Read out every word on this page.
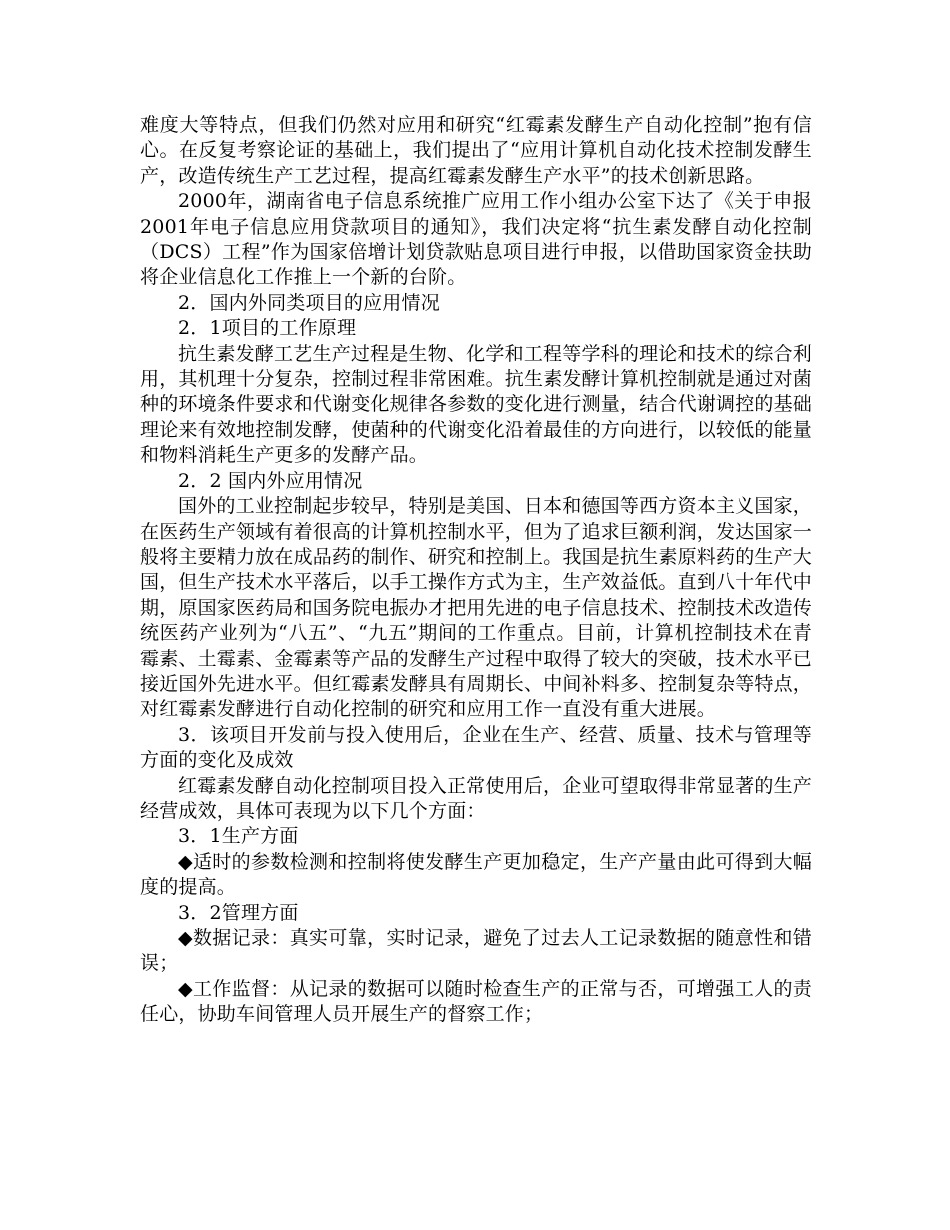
难度大等特点，但我们仍然对应用和研究“红霉素发酵生产自动化控制”抱有信心。在反复考察论证的基础上，我们提出了“应用计算机自动化技术控制发酵生产，改造传统生产工艺过程，提高红霉素发酵生产水平”的技术创新思路。

2000年，湖南省电子信息系统推广应用工作小组办公室下达了《关于申报2001年电子信息应用贷款项目的通知》，我们决定将“抗生素发酵自动化控制（DCS）工程”作为国家倍增计划贷款贴息项目进行申报，以借助国家资金扶助将企业信息化工作推上一个新的台阶。

2．国内外同类项目的应用情况

2．1项目的工作原理

抗生素发酵工艺生产过程是生物、化学和工程等学科的理论和技术的综合利用，其机理十分复杂，控制过程非常困难。抗生素发酵计算机控制就是通过对菌种的环境条件要求和代谢变化规律各参数的变化进行测量，结合代谢调控的基础理论来有效地控制发酵，使菌种的代谢变化沿着最佳的方向进行，以较低的能量和物料消耗生产更多的发酵产品。

2．2 国内外应用情况

国外的工业控制起步较早，特别是美国、日本和德国等西方资本主义国家，在医药生产领域有着很高的计算机控制水平，但为了追求巨额利润，发达国家一般将主要精力放在成品药的制作、研究和控制上。我国是抗生素原料药的生产大国，但生产技术水平落后，以手工操作方式为主，生产效益低。直到八十年代中期，原国家医药局和国务院电振办才把用先进的电子信息技术、控制技术改造传统医药产业列为“八五”、“九五”期间的工作重点。目前，计算机控制技术在青霉素、土霉素、金霉素等产品的发酵生产过程中取得了较大的突破，技术水平已接近国外先进水平。但红霉素发酵具有周期长、中间补料多、控制复杂等特点，对红霉素发酵进行自动化控制的研究和应用工作一直没有重大进展。

3．该项目开发前与投入使用后，企业在生产、经营、质量、技术与管理等方面的变化及成效

红霉素发酵自动化控制项目投入正常使用后，企业可望取得非常显著的生产经营成效，具体可表现为以下几个方面：

3．1生产方面

◆适时的参数检测和控制将使发酵生产更加稳定，生产产量由此可得到大幅度的提高。

3．2管理方面

◆数据记录：真实可靠，实时记录，避免了过去人工记录数据的随意性和错误；

◆工作监督：从记录的数据可以随时检查生产的正常与否，可增强工人的责任心，协助车间管理人员开展生产的督察工作；
